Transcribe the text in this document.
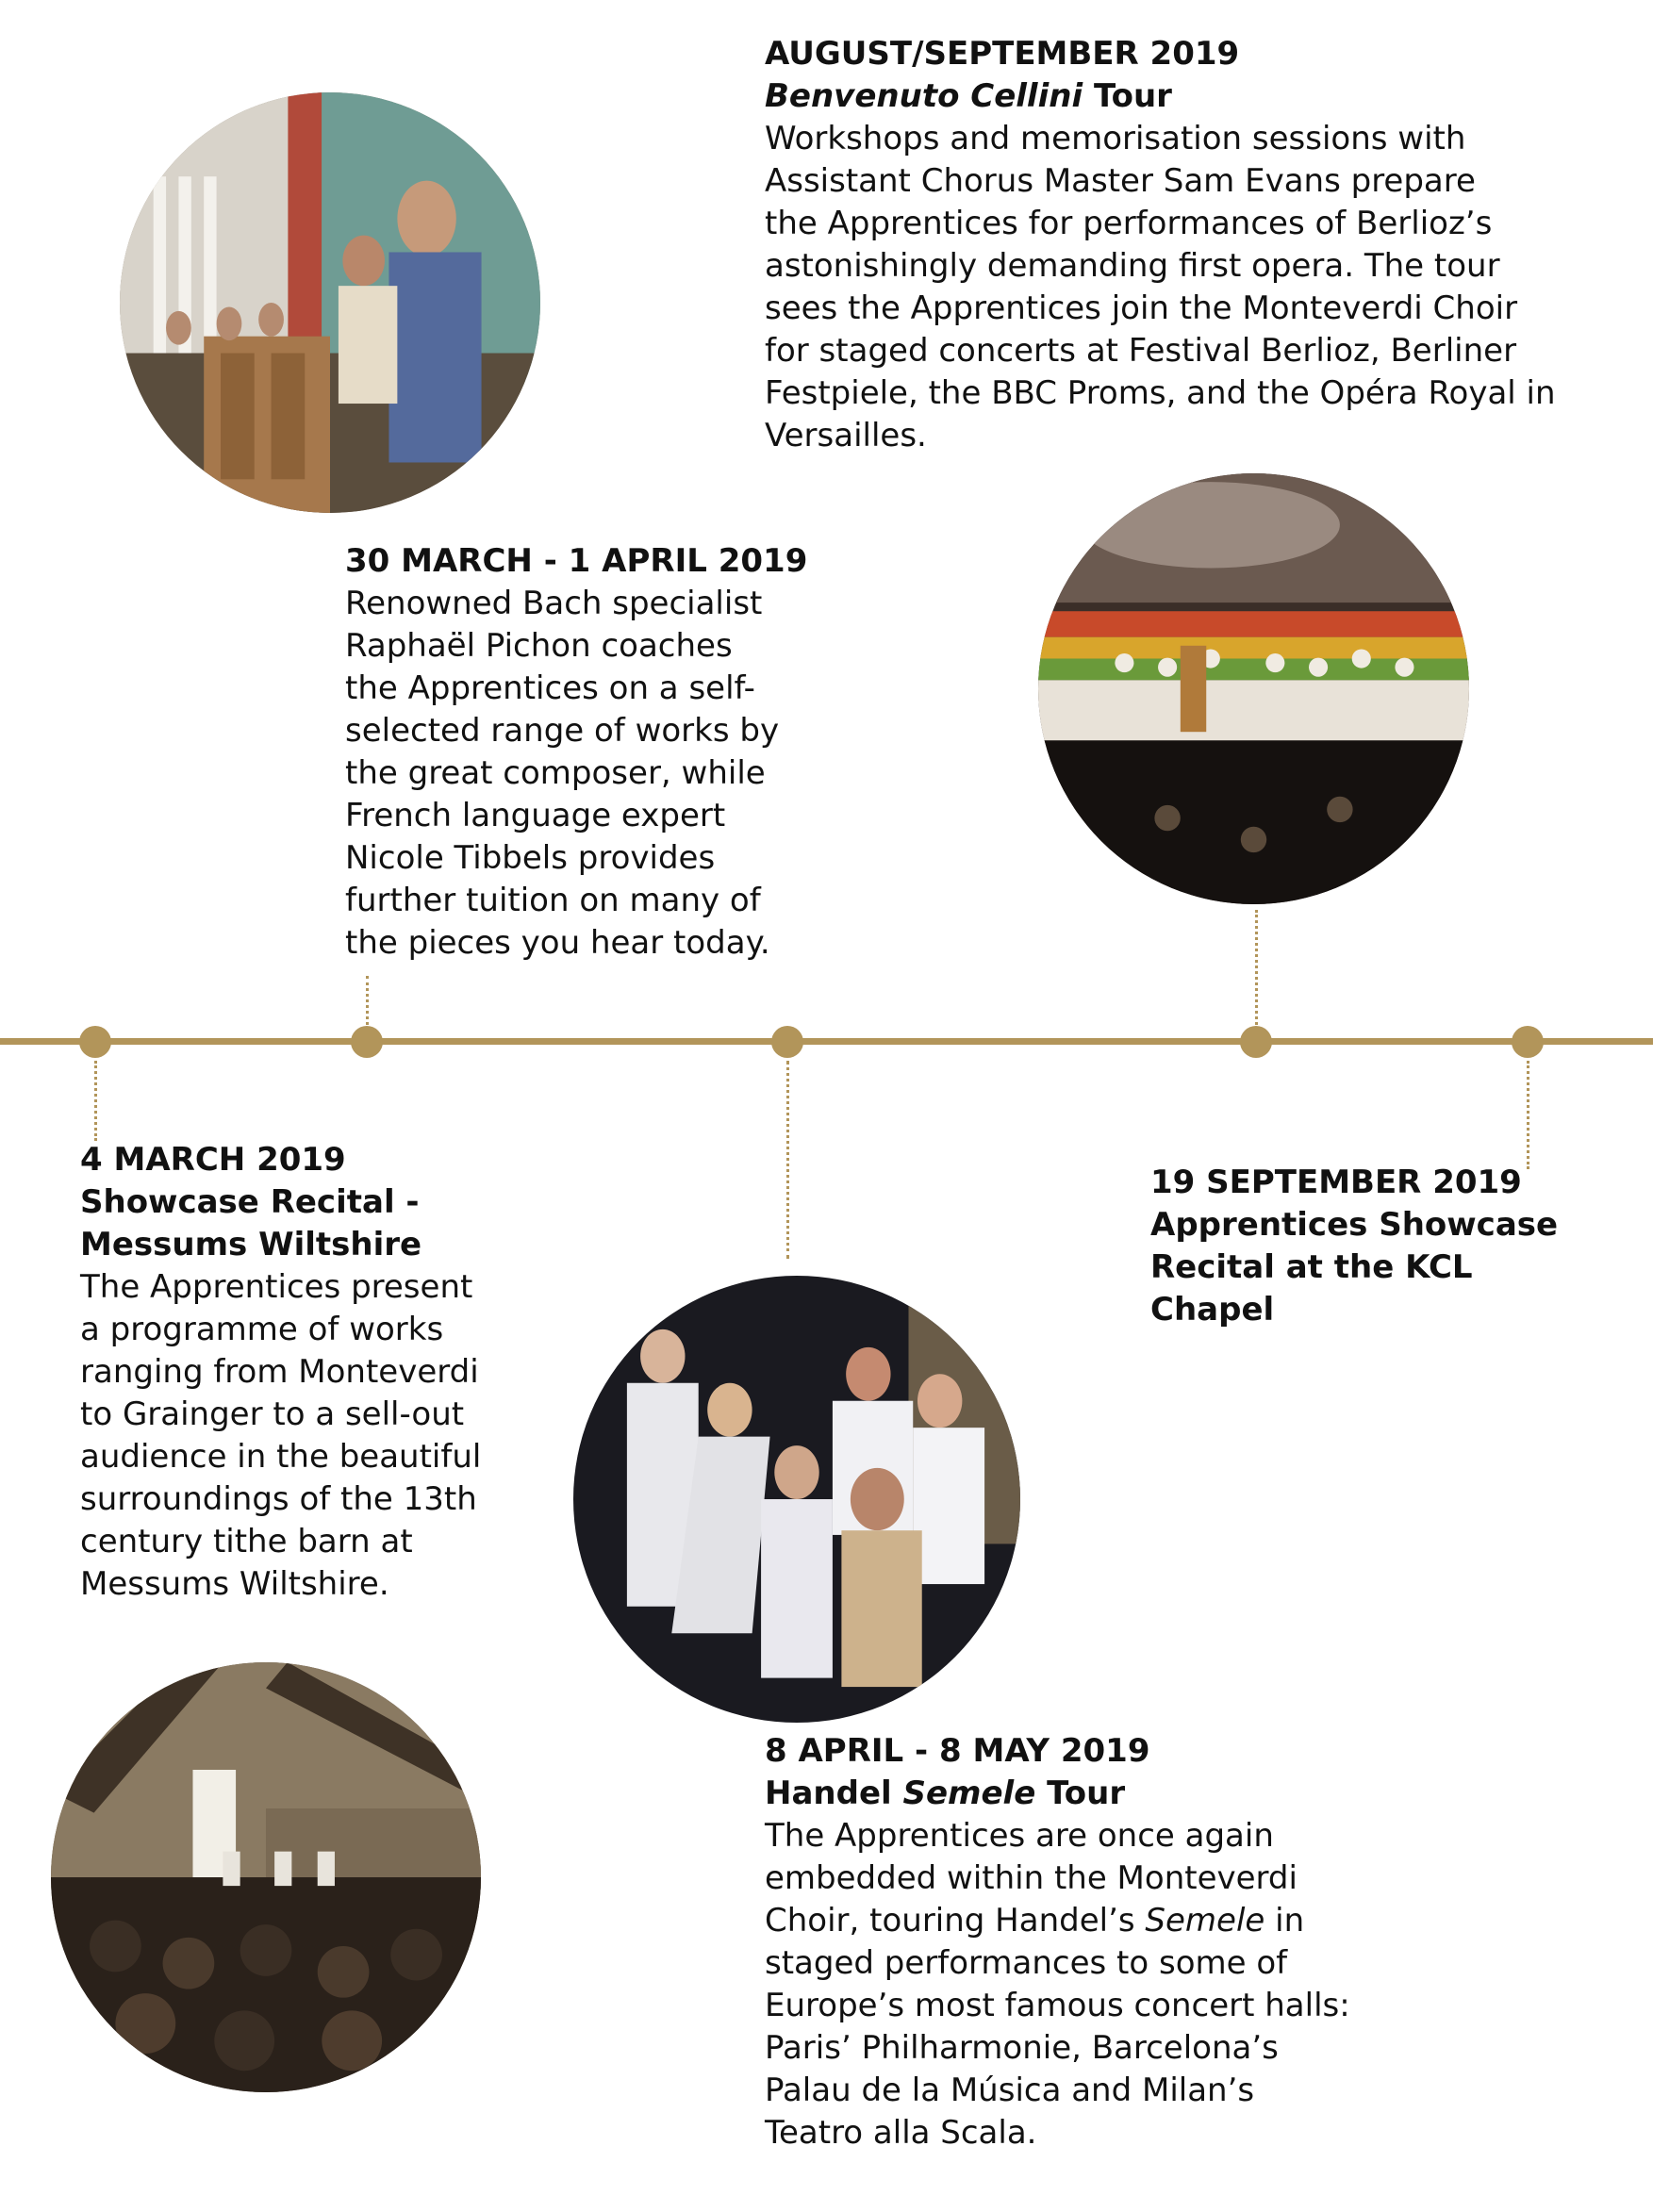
AUGUST/SEPTEMBER 2019
Benvenuto Cellini Tour
Workshops and memorisation sessions with
Assistant Chorus Master Sam Evans prepare
the Apprentices for performances of Berlioz’s
astonishingly demanding first opera. The tour
sees the Apprentices join the Monteverdi Choir
for staged concerts at Festival Berlioz, Berliner
Festpiele, the BBC Proms, and the Opéra Royal in
Versailles.
30 MARCH - 1 APRIL 2019
Renowned Bach specialist
Raphaël Pichon coaches
the Apprentices on a self-
selected range of works by
the great composer, while
French language expert
Nicole Tibbels provides
further tuition on many of
the pieces you hear today.
4 MARCH 2019
Showcase Recital -
Messums Wiltshire
The Apprentices present
a programme of works
ranging from Monteverdi
to Grainger to a sell-out
audience in the beautiful
surroundings of the 13th
century tithe barn at
Messums Wiltshire.
19 SEPTEMBER 2019
Apprentices Showcase
Recital at the KCL
Chapel
8 APRIL - 8 MAY 2019
Handel Semele Tour
The Apprentices are once again
embedded within the Monteverdi
Choir, touring Handel’s Semele in
staged performances to some of
Europe’s most famous concert halls:
Paris’ Philharmonie, Barcelona’s
Palau de la Música and Milan’s
Teatro alla Scala.
